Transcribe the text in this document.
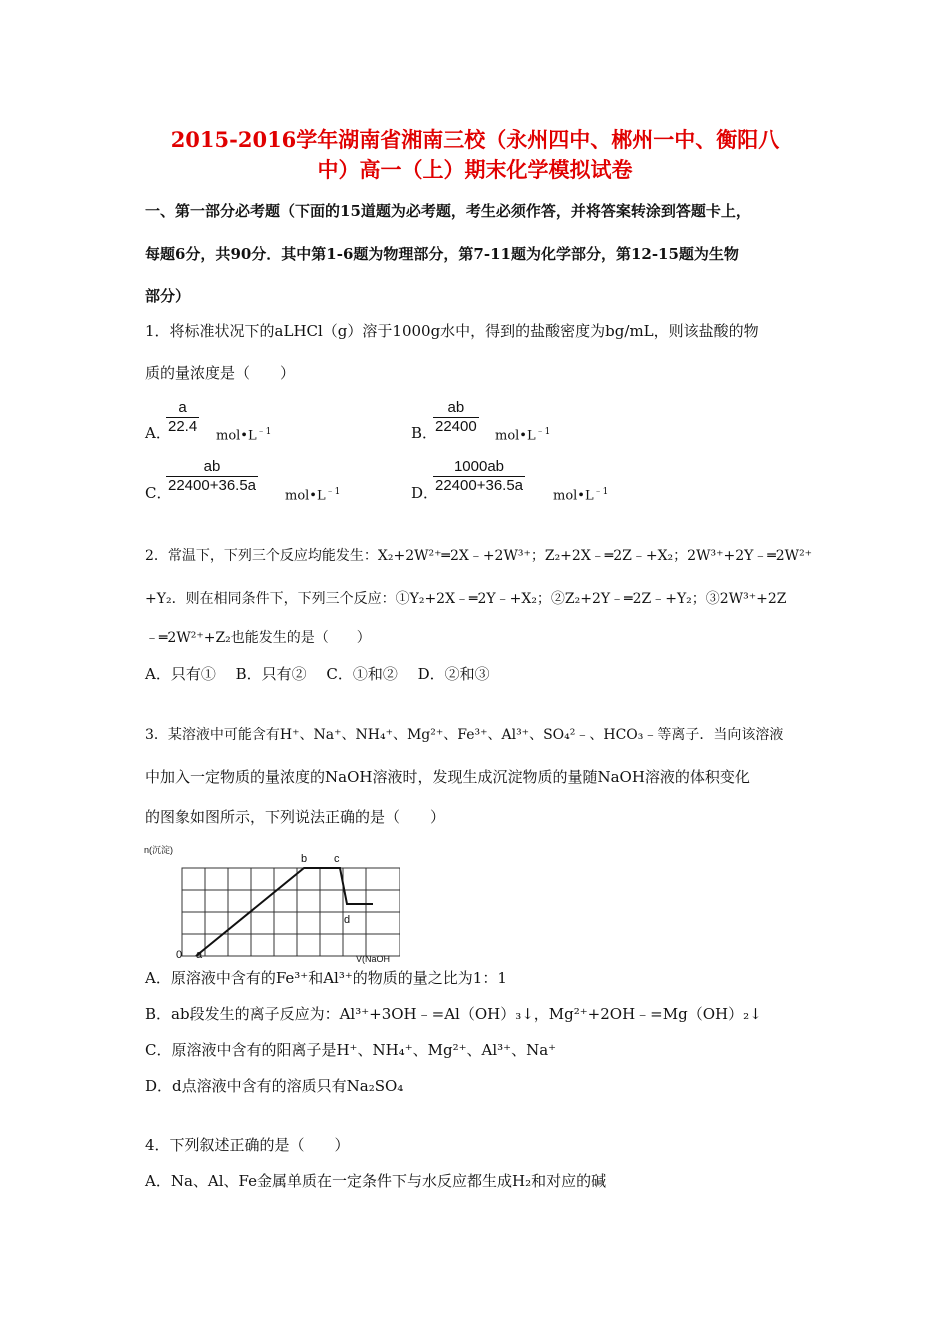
2015-2016学年湖南省湘南三校（永州四中、郴州一中、衡阳八
中）高一（上）期末化学模拟试卷
一、第一部分必考题（下面的15道题为必考题，考生必须作答，并将答案转涂到答题卡上，
每题6分，共90分．其中第1-6题为物理部分，第7-11题为化学部分，第12-15题为生物
部分）
1．将标准状况下的aLHCl（g）溶于1000g水中，得到的盐酸密度为bg/mL，则该盐酸的物
质的量浓度是（　　）
A．
$\frac{a}{22.4}$ $mol•L^{﹣1}$	B．
$\frac{ab}{22400}$ $mol•L^{﹣1}$
C．
$\frac{ab}{22400+36.5a}$
$mol•L^{﹣1}$	D．
$\frac{1000ab}{22400+36.5a}$
$mol•L^{﹣1}$
2．常温下，下列三个反应均能发生：X₂+2W²⁺═2X﹣+2W³⁺；Z₂+2X﹣═2Z﹣+X₂；2W³⁺+2Y﹣═2W²⁺
+Y₂．则在相同条件下，下列三个反应：①Y₂+2X﹣═2Y﹣+X₂；②Z₂+2Y﹣═2Z﹣+Y₂；③2W³⁺+2Z
﹣═2W²⁺+Z₂也能发生的是（　　）
A．只有①　 B．只有②　 C．①和②　 D．②和③
3．某溶液中可能含有H⁺、Na⁺、NH₄⁺、Mg²⁺、Fe³⁺、Al³⁺、SO₄²﹣、HCO₃﹣等离子．当向该溶液
中加入一定物质的量浓度的NaOH溶液时，发现生成沉淀物质的量随NaOH溶液的体积变化
的图象如图所示，下列说法正确的是（　　）
n(沉淀)
0 a
b c
d
V(NaOH
A．原溶液中含有的Fe³⁺和Al³⁺的物质的量之比为1：1
B．ab段发生的离子反应为：Al³⁺+3OH﹣=Al（OH）₃↓，Mg²⁺+2OH﹣=Mg（OH）₂↓
C．原溶液中含有的阳离子是H⁺、NH₄⁺、Mg²⁺、Al³⁺、Na⁺
D．d点溶液中含有的溶质只有Na₂SO₄
4．下列叙述正确的是（　　）
A．Na、Al、Fe金属单质在一定条件下与水反应都生成H₂和对应的碱
